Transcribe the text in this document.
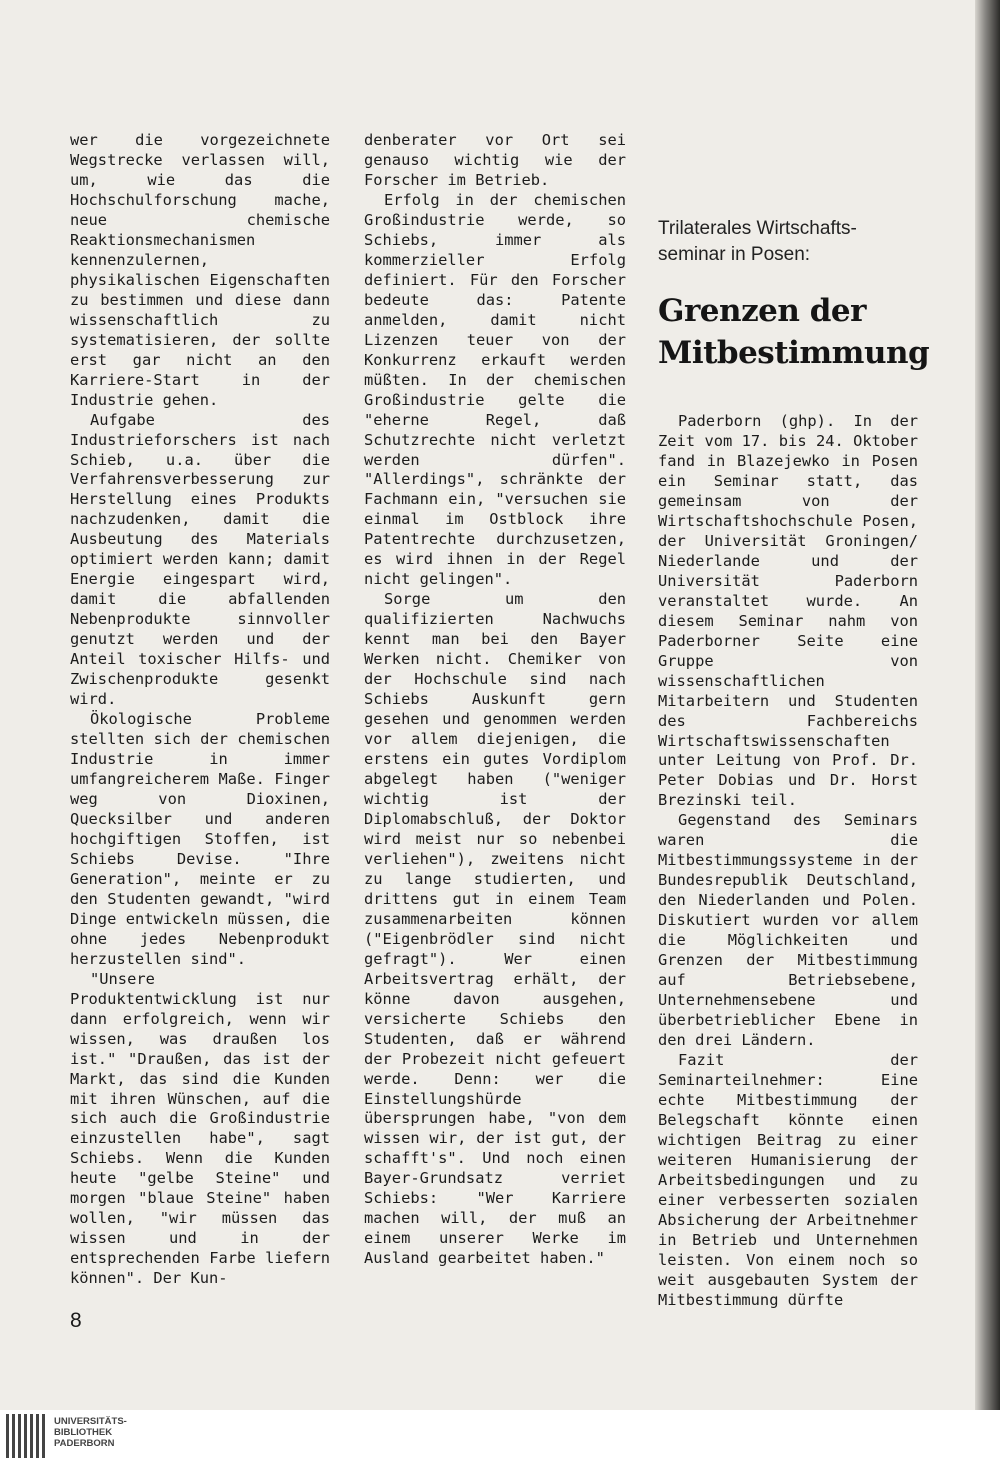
wer die vorgezeichnete Wegstrecke verlassen will, um, wie das die Hochschulforschung mache, neue chemische Reaktionsmechanismen kennenzulernen, physikalischen Eigenschaften zu bestimmen und diese dann wissenschaftlich zu systematisieren, der sollte erst gar nicht an den Karriere-Start in der Industrie gehen.

Aufgabe des Industrieforschers ist nach Schieb, u.a. über die Verfahrensverbesserung zur Herstellung eines Produkts nachzudenken, damit die Ausbeutung des Materials optimiert werden kann; damit Energie eingespart wird, damit die abfallenden Nebenprodukte sinnvoller genutzt werden und der Anteil toxischer Hilfs- und Zwischenprodukte gesenkt wird.

Ökologische Probleme stellten sich der chemischen Industrie in immer umfangreicherem Maße. Finger weg von Dioxinen, Quecksilber und anderen hochgiftigen Stoffen, ist Schiebs Devise. "Ihre Generation", meinte er zu den Studenten gewandt, "wird Dinge entwickeln müssen, die ohne jedes Nebenprodukt herzustellen sind".

"Unsere Produktentwicklung ist nur dann erfolgreich, wenn wir wissen, was draußen los ist." "Draußen, das ist der Markt, das sind die Kunden mit ihren Wünschen, auf die sich auch die Großindustrie einzustellen habe", sagt Schiebs. Wenn die Kunden heute "gelbe Steine" und morgen "blaue Steine" haben wollen, "wir müssen das wissen und in der entsprechenden Farbe liefern können". Der Kun-

denberater vor Ort sei genauso wichtig wie der Forscher im Betrieb.

Erfolg in der chemischen Großindustrie werde, so Schiebs, immer als kommerzieller Erfolg definiert. Für den Forscher bedeute das: Patente anmelden, damit nicht Lizenzen teuer von der Konkurrenz erkauft werden müßten. In der chemischen Großindustrie gelte die "eherne Regel, daß Schutzrechte nicht verletzt werden dürfen". "Allerdings", schränkte der Fachmann ein, "versuchen sie einmal im Ostblock ihre Patentrechte durchzusetzen, es wird ihnen in der Regel nicht gelingen".

Sorge um den qualifizierten Nachwuchs kennt man bei den Bayer Werken nicht. Chemiker von der Hochschule sind nach Schiebs Auskunft gern gesehen und genommen werden vor allem diejenigen, die erstens ein gutes Vordiplom abgelegt haben ("weniger wichtig ist der Diplomabschluß, der Doktor wird meist nur so nebenbei verliehen"), zweitens nicht zu lange studierten, und drittens gut in einem Team zusammenarbeiten können ("Eigenbrödler sind nicht gefragt"). Wer einen Arbeitsvertrag erhält, der könne davon ausgehen, versicherte Schiebs den Studenten, daß er während der Probezeit nicht gefeuert werde. Denn: wer die Einstellungshürde übersprungen habe, "von dem wissen wir, der ist gut, der schafft's". Und noch einen Bayer-Grundsatz verriet Schiebs: "Wer Karriere machen will, der muß an einem unserer Werke im Ausland gearbeitet haben."

Trilaterales Wirtschafts-
seminar in Posen:
Grenzen der
Mitbestimmung

Paderborn (ghp). In der Zeit vom 17. bis 24. Oktober fand in Blazejewko in Posen ein Seminar statt, das gemeinsam von der Wirtschaftshochschule Posen, der Universität Groningen/ Niederlande und der Universität Paderborn veranstaltet wurde. An diesem Seminar nahm von Paderborner Seite eine Gruppe von wissenschaftlichen Mitarbeitern und Studenten des Fachbereichs Wirtschaftswissenschaften unter Leitung von Prof. Dr. Peter Dobias und Dr. Horst Brezinski teil.

Gegenstand des Seminars waren die Mitbestimmungssysteme in der Bundesrepublik Deutschland, den Niederlanden und Polen. Diskutiert wurden vor allem die Möglichkeiten und Grenzen der Mitbestimmung auf Betriebsebene, Unternehmensebene und überbetrieblicher Ebene in den drei Ländern.

Fazit der Seminarteilnehmer: Eine echte Mitbestimmung der Belegschaft könnte einen wichtigen Beitrag zu einer weiteren Humanisierung der Arbeitsbedingungen und zu einer verbesserten sozialen Absicherung der Arbeitnehmer in Betrieb und Unternehmen leisten. Von einem noch so weit ausgebauten System der Mitbestimmung dürfte

8
UNIVERSITÄTS-
BIBLIOTHEK
PADERBORN
